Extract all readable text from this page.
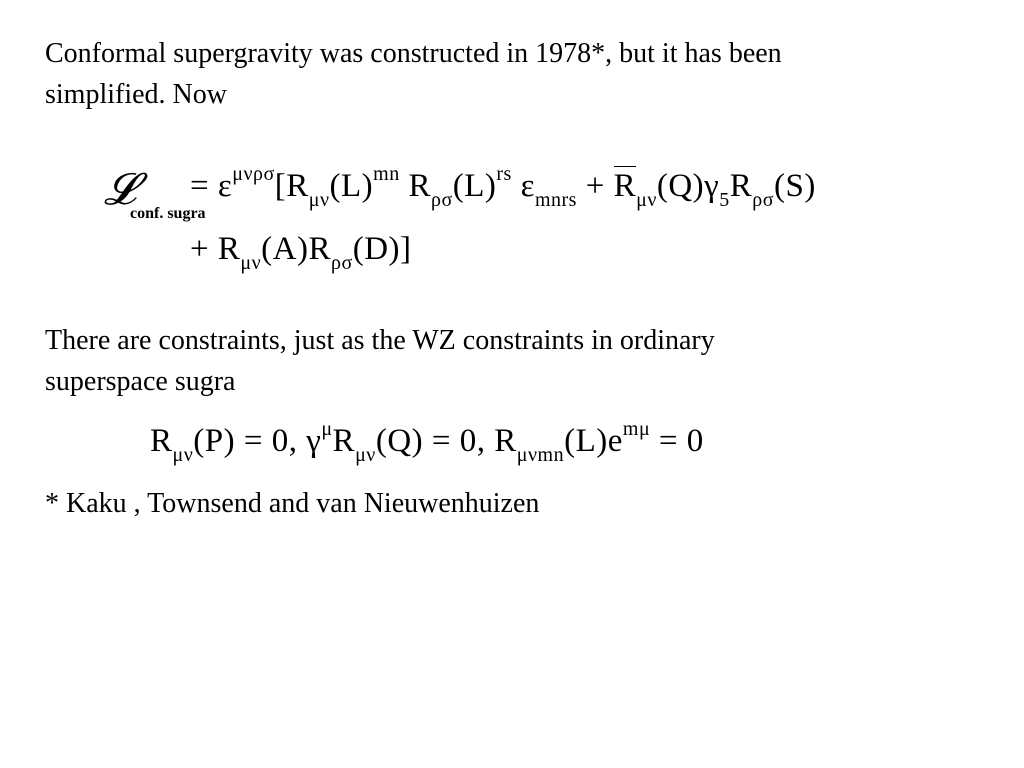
Conformal supergravity was constructed in 1978*, but it has been
simplified. Now
𝓛
conf. sugra
= $\varepsilon^{\mu\nu\rho\sigma}[R_{\mu\nu}(L)^{mn}$ $R_{\rho\sigma}(L)^{rs}$ $\varepsilon_{mnrs} + R_{\mu\nu}(Q)\gamma_5R_{\rho\sigma}(S)$
+ $R_{\mu\nu}(A)R_{\rho\sigma}(D)$]
There are constraints, just as the WZ constraints in ordinary
superspace sugra
$R_{\mu\nu}(P) = 0$, $\gamma^\mu R_{\mu\nu}(Q) = 0$, $R_{\mu\nu mn}(L)e^{m\mu} = 0$
* Kaku , Townsend and van Nieuwenhuizen
